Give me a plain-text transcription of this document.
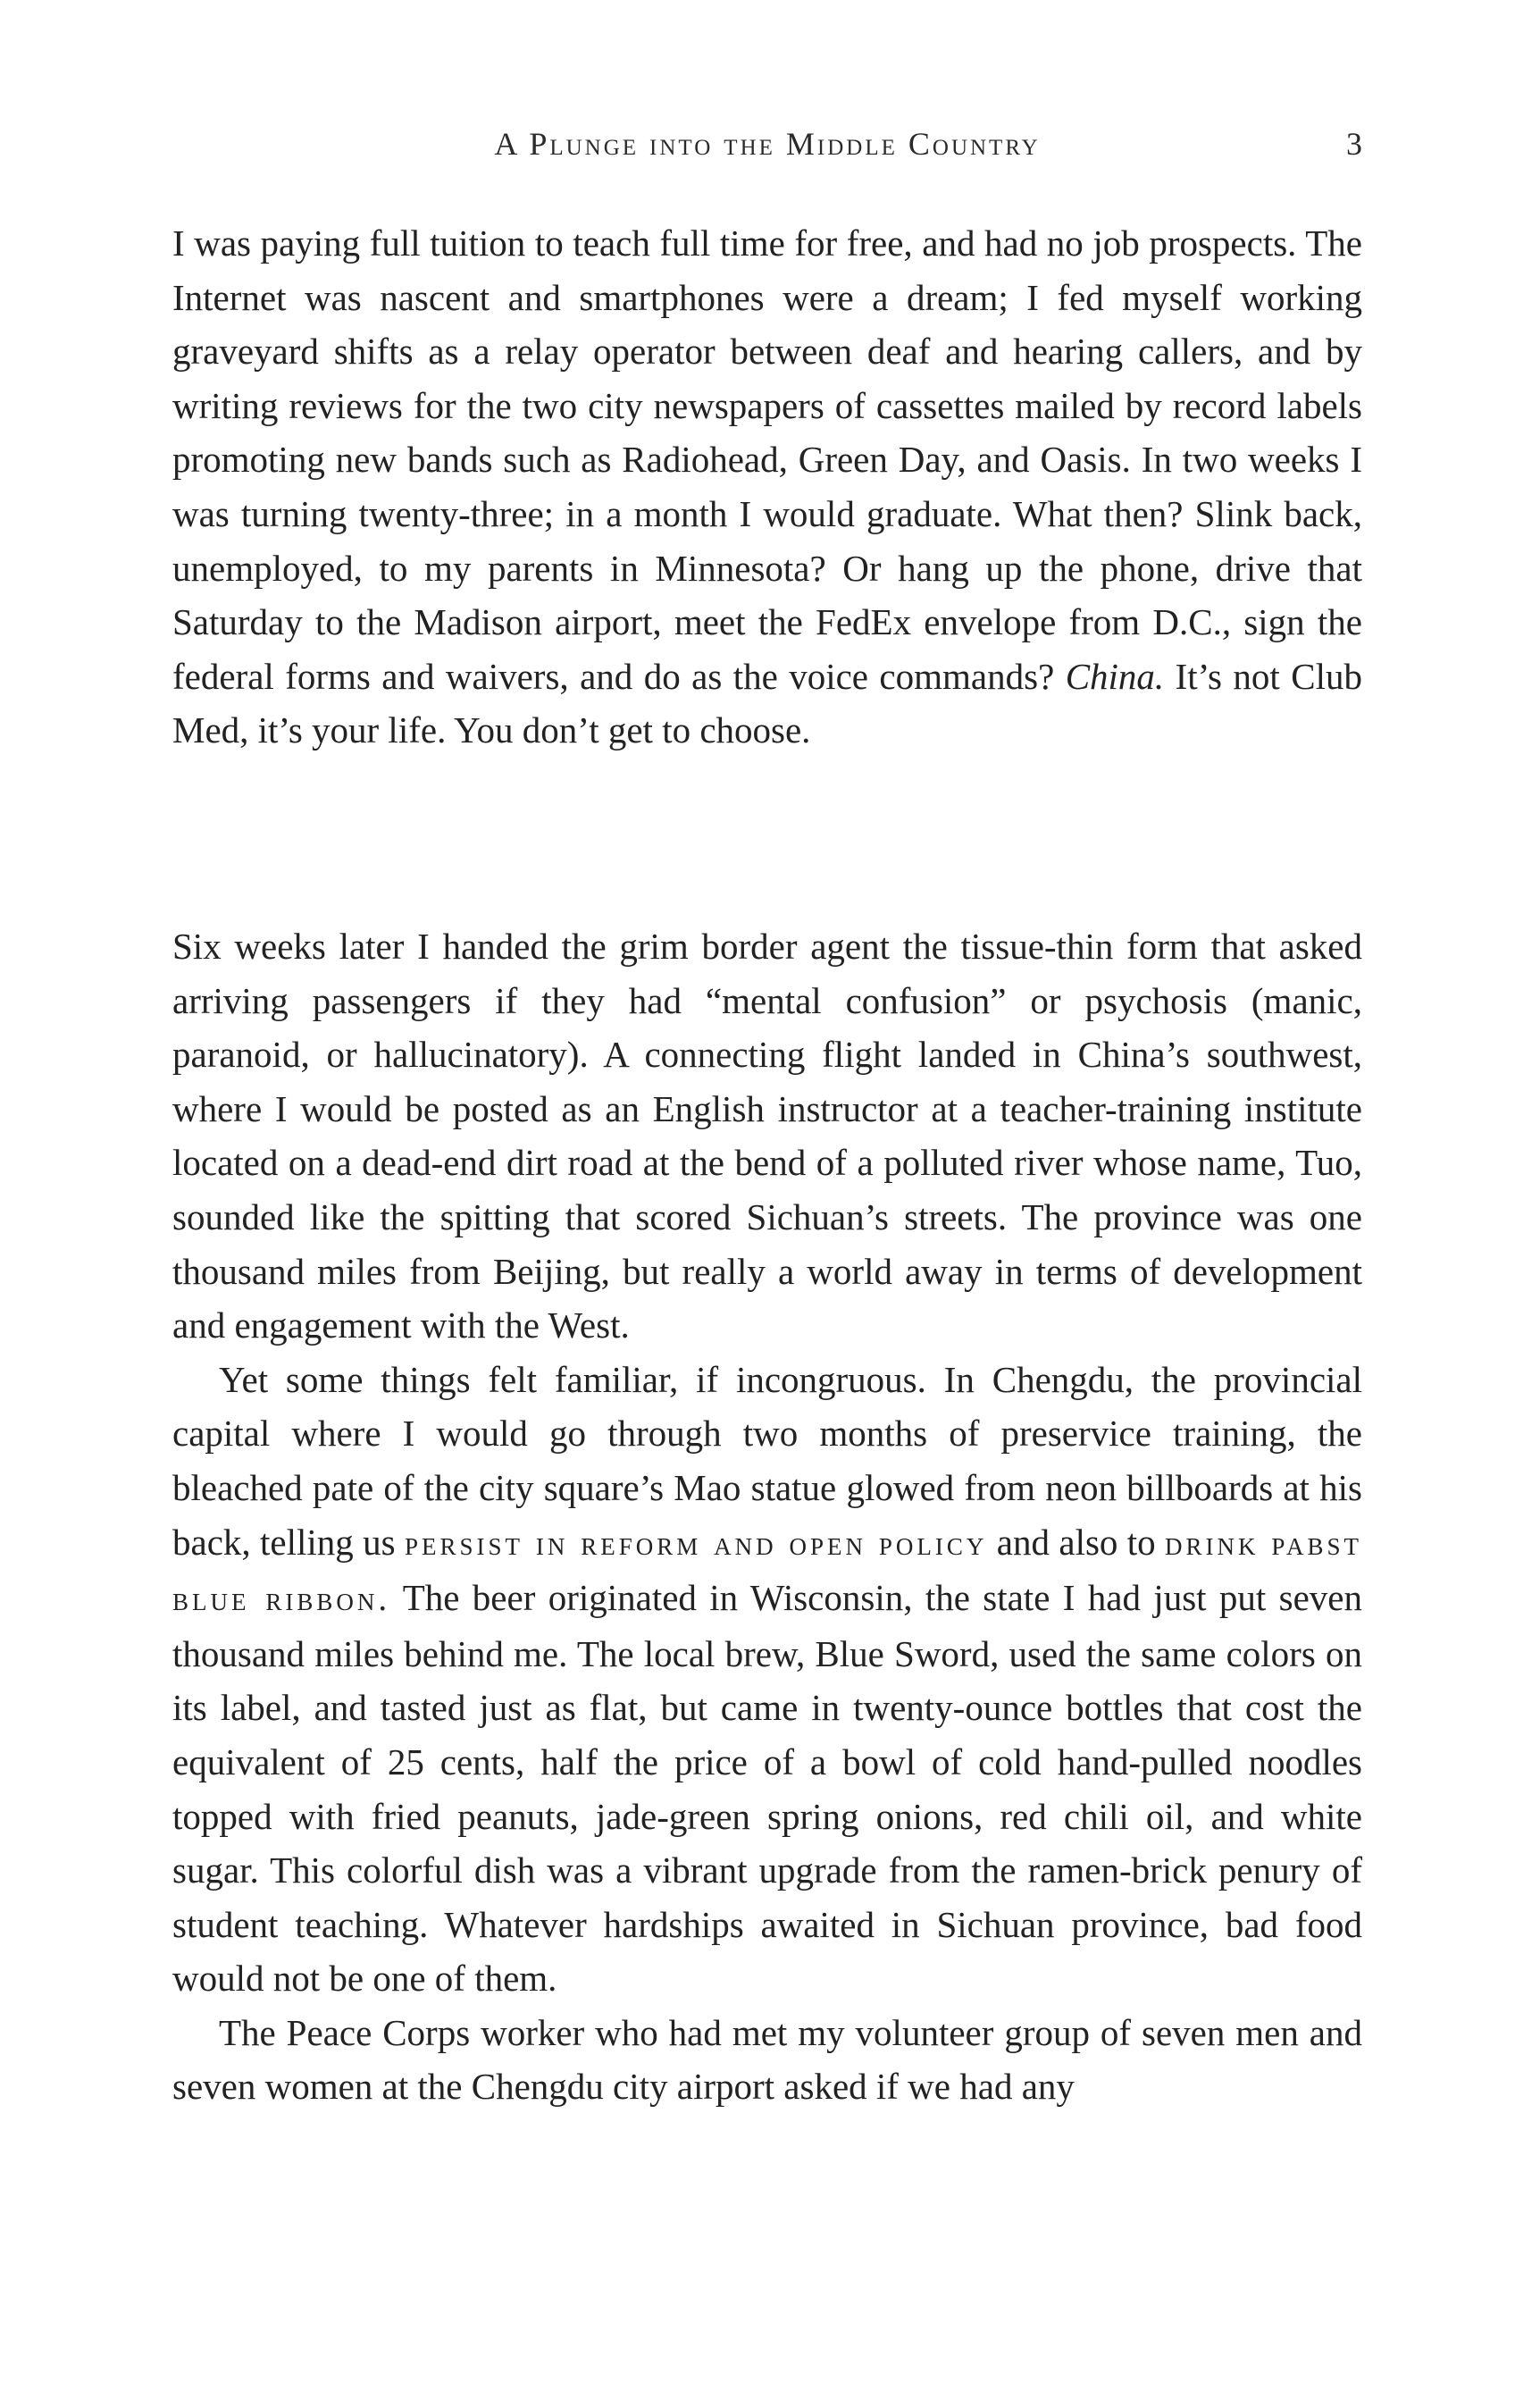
A Plunge into the Middle Country	3

I was paying full tuition to teach full time for free, and had no job prospects. The Internet was nascent and smartphones were a dream; I fed myself working graveyard shifts as a relay operator between deaf and hearing callers, and by writing reviews for the two city newspapers of cassettes mailed by record labels promoting new bands such as Radiohead, Green Day, and Oasis. In two weeks I was turning twenty-three; in a month I would graduate. What then? Slink back, unemployed, to my parents in Minnesota? Or hang up the phone, drive that Saturday to the Madison airport, meet the FedEx envelope from D.C., sign the federal forms and waivers, and do as the voice commands? China. It’s not Club Med, it’s your life. You don’t get to choose.

Six weeks later I handed the grim border agent the tissue-thin form that asked arriving passengers if they had “mental confusion” or psychosis (manic, paranoid, or hallucinatory). A connecting flight landed in China’s southwest, where I would be posted as an English instructor at a teacher-training institute located on a dead-end dirt road at the bend of a polluted river whose name, Tuo, sounded like the spitting that scored Sichuan’s streets. The province was one thousand miles from Beijing, but really a world away in terms of development and engagement with the West.

Yet some things felt familiar, if incongruous. In Chengdu, the provincial capital where I would go through two months of preservice training, the bleached pate of the city square’s Mao statue glowed from neon billboards at his back, telling us persist in reform and open policy and also to drink pabst blue ribbon. The beer originated in Wisconsin, the state I had just put seven thousand miles behind me. The local brew, Blue Sword, used the same colors on its label, and tasted just as flat, but came in twenty-ounce bottles that cost the equivalent of 25 cents, half the price of a bowl of cold hand-pulled noodles topped with fried peanuts, jade-green spring onions, red chili oil, and white sugar. This colorful dish was a vibrant upgrade from the ramen-brick penury of student teaching. Whatever hardships awaited in Sichuan province, bad food would not be one of them.

The Peace Corps worker who had met my volunteer group of seven men and seven women at the Chengdu city airport asked if we had any
